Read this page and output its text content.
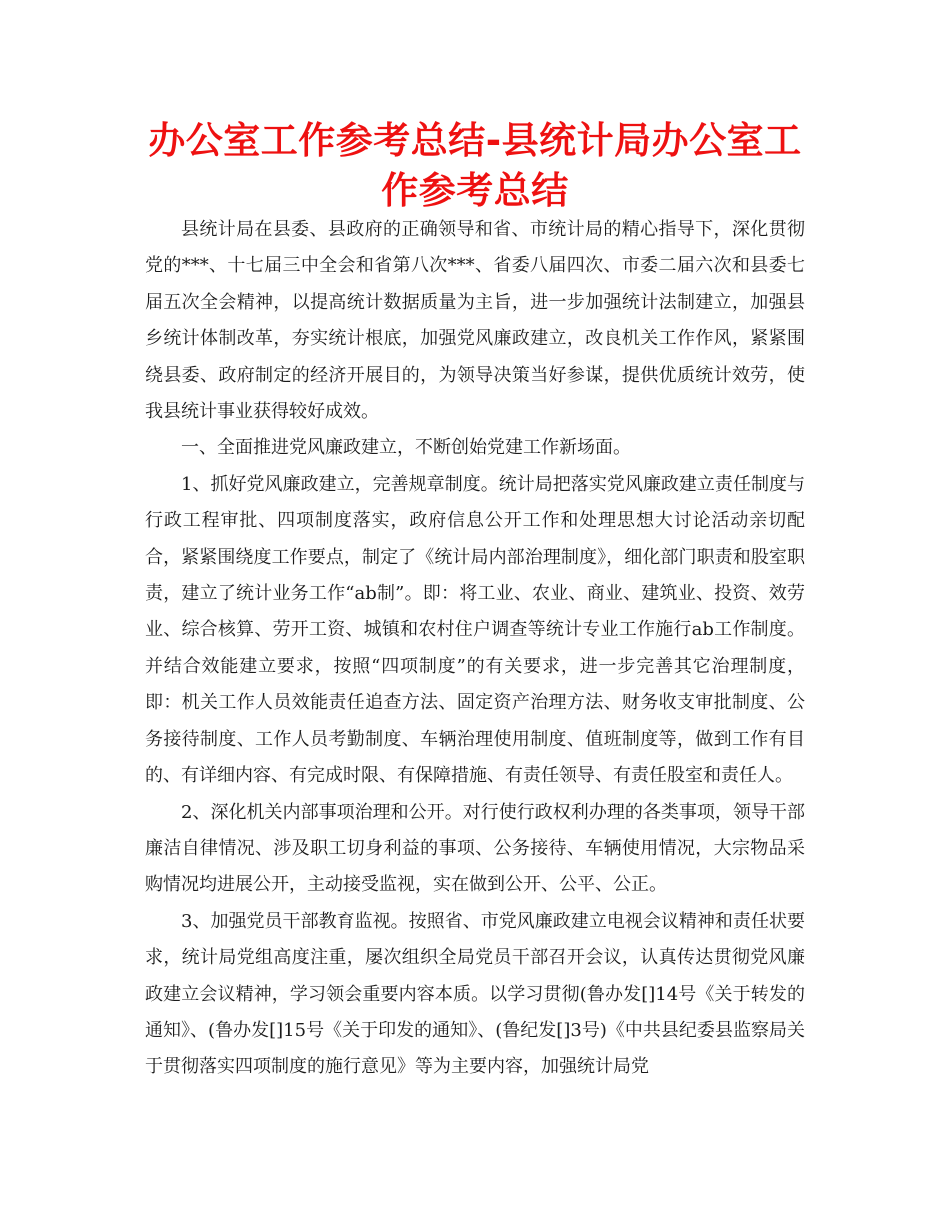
办公室工作参考总结-县统计局办公室工作参考总结

县统计局在县委、县政府的正确领导和省、市统计局的精心指导下，深化贯彻党的***、十七届三中全会和省第八次***、省委八届四次、市委二届六次和县委七届五次全会精神，以提高统计数据质量为主旨，进一步加强统计法制建立，加强县乡统计体制改革，夯实统计根底，加强党风廉政建立，改良机关工作作风，紧紧围绕县委、政府制定的经济开展目的，为领导决策当好参谋，提供优质统计效劳，使我县统计事业获得较好成效。

一、全面推进党风廉政建立，不断创始党建工作新场面。

1、抓好党风廉政建立，完善规章制度。统计局把落实党风廉政建立责任制度与行政工程审批、四项制度落实，政府信息公开工作和处理思想大讨论活动亲切配合，紧紧围绕度工作要点，制定了《统计局内部治理制度》，细化部门职责和股室职责，建立了统计业务工作“ab制”。即：将工业、农业、商业、建筑业、投资、效劳业、综合核算、劳开工资、城镇和农村住户调查等统计专业工作施行ab工作制度。并结合效能建立要求，按照“四项制度”的有关要求，进一步完善其它治理制度，即：机关工作人员效能责任追查方法、固定资产治理方法、财务收支审批制度、公务接待制度、工作人员考勤制度、车辆治理使用制度、值班制度等，做到工作有目的、有详细内容、有完成时限、有保障措施、有责任领导、有责任股室和责任人。

2、深化机关内部事项治理和公开。对行使行政权利办理的各类事项，领导干部廉洁自律情况、涉及职工切身利益的事项、公务接待、车辆使用情况，大宗物品采购情况均进展公开，主动接受监视，实在做到公开、公平、公正。

3、加强党员干部教育监视。按照省、市党风廉政建立电视会议精神和责任状要求，统计局党组高度注重，屡次组织全局党员干部召开会议，认真传达贯彻党风廉政建立会议精神，学习领会重要内容本质。以学习贯彻(鲁办发[]14号《关于转发的通知》、(鲁办发[]15号《关于印发的通知》、(鲁纪发[]3号)《中共县纪委县监察局关于贯彻落实四项制度的施行意见》等为主要内容，加强统计局党
